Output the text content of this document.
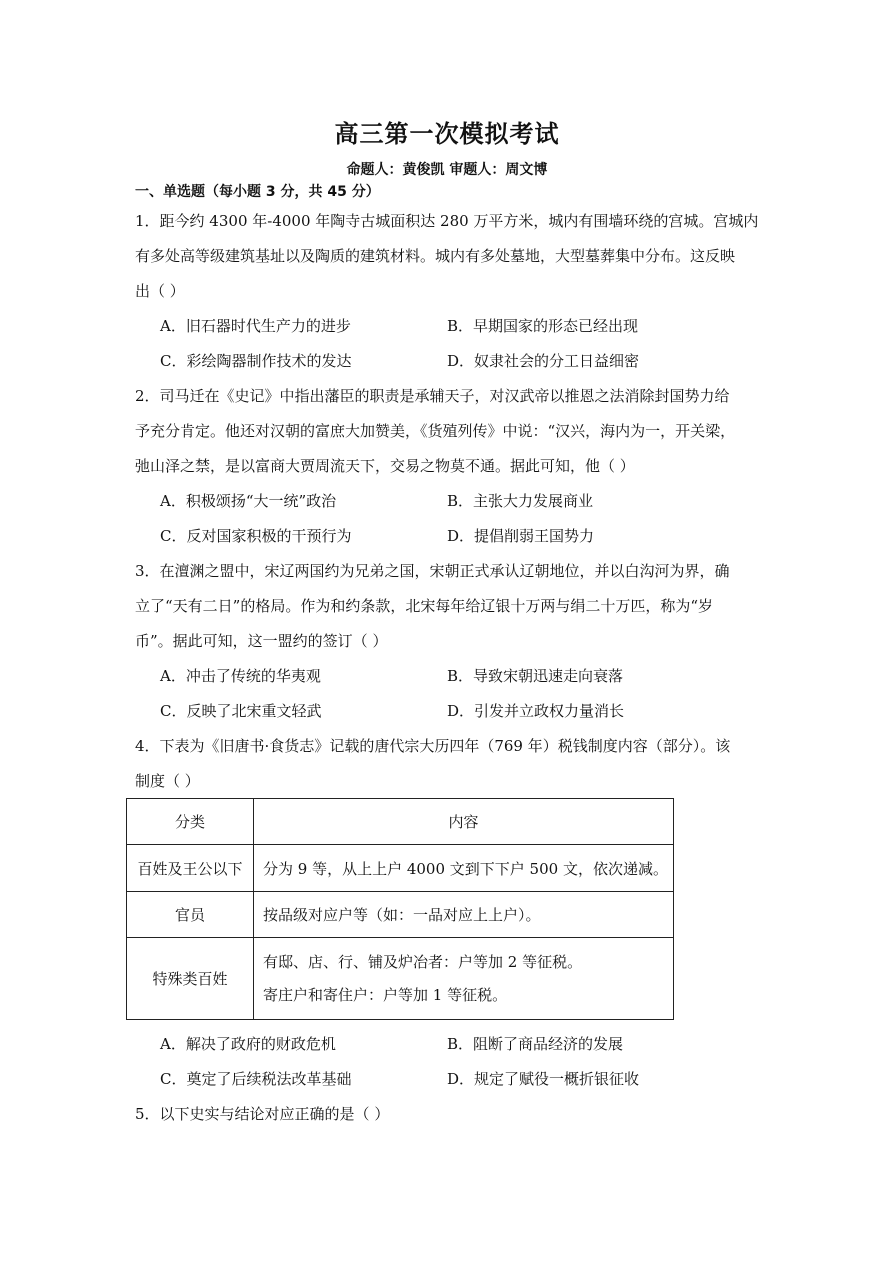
高三第一次模拟考试
命题人：黄俊凯 审题人：周文博
一、单选题（每小题 3 分，共 45 分）
1．距今约 4300 年-4000 年陶寺古城面积达 280 万平方米，城内有围墙环绕的宫城。宫城内
有多处高等级建筑基址以及陶质的建筑材料。城内有多处墓地，大型墓葬集中分布。这反映
出（ ）
A．旧石器时代生产力的进步	B．早期国家的形态已经出现
C．彩绘陶器制作技术的发达	D．奴隶社会的分工日益细密
2．司马迁在《史记》中指出藩臣的职责是承辅天子，对汉武帝以推恩之法消除封国势力给
予充分肯定。他还对汉朝的富庶大加赞美，《货殖列传》中说：“汉兴，海内为一，开关梁，
弛山泽之禁，是以富商大贾周流天下，交易之物莫不通。据此可知，他（ ）
A．积极颂扬“大一统”政治	B．主张大力发展商业
C．反对国家积极的干预行为	D．提倡削弱王国势力
3．在澶渊之盟中，宋辽两国约为兄弟之国，宋朝正式承认辽朝地位，并以白沟河为界，确
立了“天有二日”的格局。作为和约条款，北宋每年给辽银十万两与绢二十万匹，称为“岁
币”。据此可知，这一盟约的签订（ ）
A．冲击了传统的华夷观	B．导致宋朝迅速走向衰落
C．反映了北宋重文轻武	D．引发并立政权力量消长
4．下表为《旧唐书·食货志》记载的唐代宗大历四年（769 年）税钱制度内容（部分）。该
制度（ ）
分类	内容
百姓及王公以下	分为 9 等，从上上户 4000 文到下下户 500 文，依次递减。
官员	按品级对应户等（如：一品对应上上户）。
特殊类百姓	有邸、店、行、铺及炉冶者：户等加 2 等征税。
寄庄户和寄住户：户等加 1 等征税。
A．解决了政府的财政危机	B．阻断了商品经济的发展
C．奠定了后续税法改革基础	D．规定了赋役一概折银征收
5．以下史实与结论对应正确的是（ ）
